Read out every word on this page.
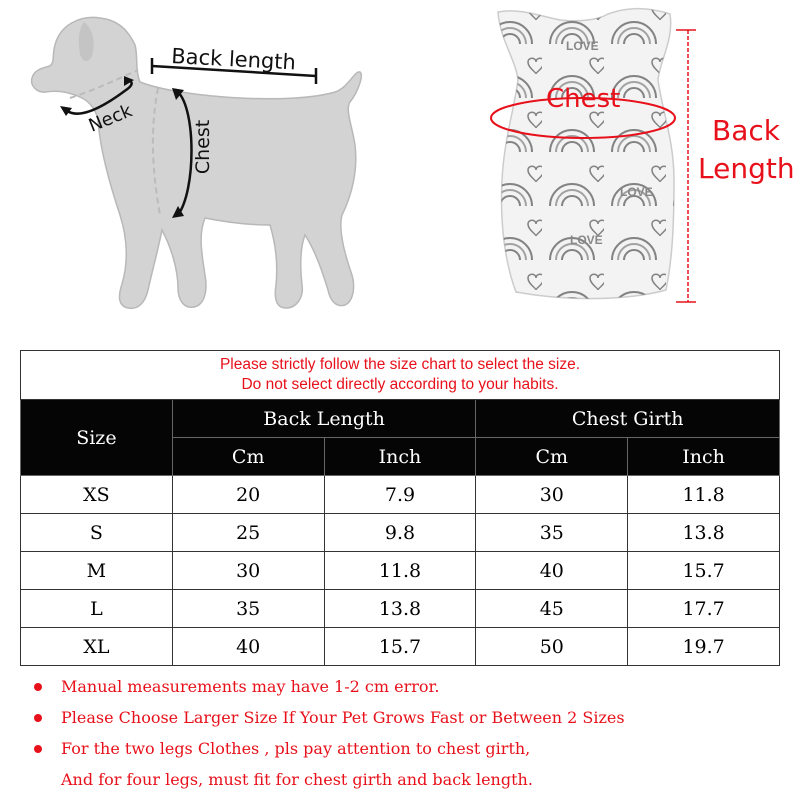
Back length
Neck
Chest
LOVE
LOVE
LOVE
Chest
Back
Length
Please strictly follow the size chart to select the size.
Do not select directly according to your habits.				

Size	Back Length		Chest Girth	
	Cm	Inch	Cm	Inch
XS	20	7.9	30	11.8
S	25	9.8	35	13.8
M	30	11.8	40	15.7
L	35	13.8	45	17.7
XL	40	15.7	50	19.7
Manual measurements may have 1-2 cm error.
Please Choose Larger Size If Your Pet Grows Fast or Between 2 Sizes
For the two legs Clothes , pls pay attention to chest girth,
And for four legs, must fit for chest girth and back length.
